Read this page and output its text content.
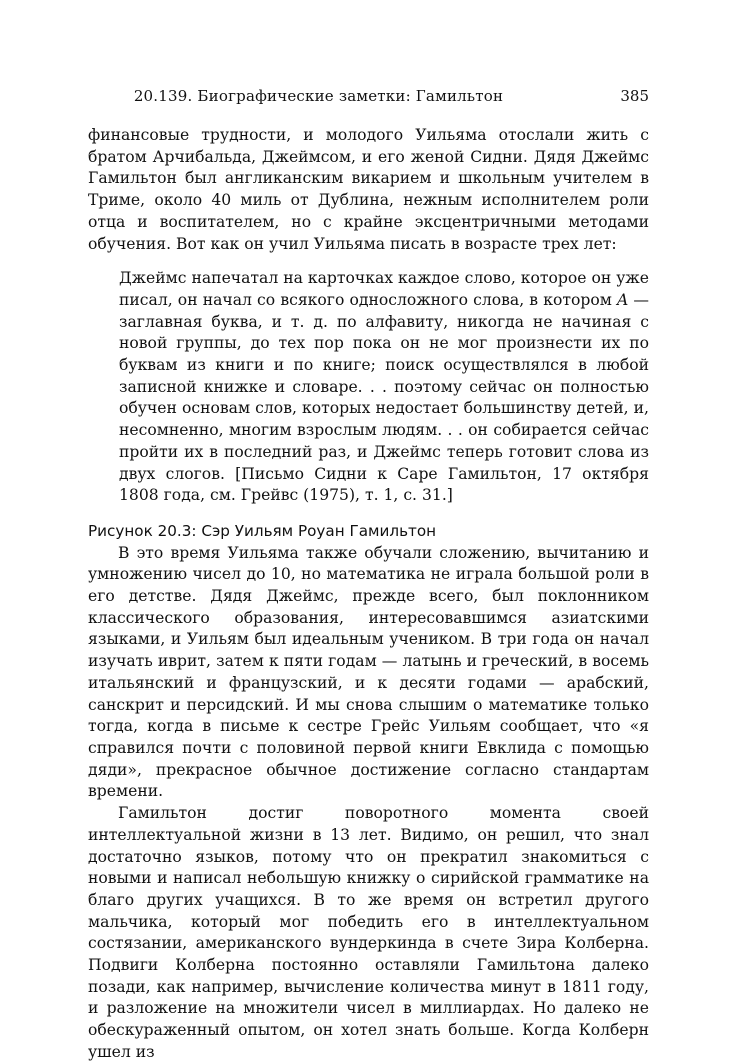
20.139. Биографические заметки: Гамильтон	385

финансовые трудности, и молодого Уильяма отослали жить с братом Арчибальда, Джеймсом, и его женой Сидни. Дядя Джеймс Гамильтон был англиканским викарием и школьным учителем в Триме, около 40 миль от Дублина, нежным исполнителем роли отца и воспитателем, но с крайне эксцентричными методами обучения. Вот как он учил Уильяма писать в возрасте трех лет:

Джеймс напечатал на карточках каждое слово, которое он уже писал, он начал со всякого односложного слова, в котором A — заглавная буква, и т. д. по алфавиту, никогда не начиная с новой группы, до тех пор пока он не мог произнести их по буквам из книги и по книге; поиск осуществлялся в любой записной книжке и словаре. . . поэтому сейчас он полностью обучен основам слов, которых недостает большинству детей, и, несомненно, многим взрослым людям. . . он собирается сейчас пройти их в последний раз, и Джеймс теперь готовит слова из двух слогов. [Письмо Сидни к Саре Гамильтон, 17 октября 1808 года, см. Грейвс (1975), т. 1, с. 31.]

Рисунок 20.3: Сэр Уильям Роуан Гамильтон

В это время Уильяма также обучали сложению, вычитанию и умножению чисел до 10, но математика не играла большой роли в его детстве. Дядя Джеймс, прежде всего, был поклонником классического образования, интересовавшимся азиатскими языками, и Уильям был идеальным учеником. В три года он начал изучать иврит, затем к пяти годам — латынь и греческий, в восемь итальянский и французский, и к десяти годами — арабский, санскрит и персидский. И мы снова слышим о математике только тогда, когда в письме к сестре Грейс Уильям сообщает, что «я справился почти с половиной первой книги Евклида с помощью дяди», прекрасное обычное достижение согласно стандартам времени.

Гамильтон достиг поворотного момента своей интеллектуальной жизни в 13 лет. Видимо, он решил, что знал достаточно языков, потому что он прекратил знакомиться с новыми и написал небольшую книжку о сирийской грамматике на благо других учащихся. В то же время он встретил другого мальчика, который мог победить его в интеллектуальном состязании, американского вундеркинда в счете Зира Колберна. Подвиги Колберна постоянно оставляли Гамильтона далеко позади, как например, вычисление количества минут в 1811 году, и разложение на множители чисел в миллиардах. Но далеко не обескураженный опытом, он хотел знать больше. Когда Колберн ушел из
